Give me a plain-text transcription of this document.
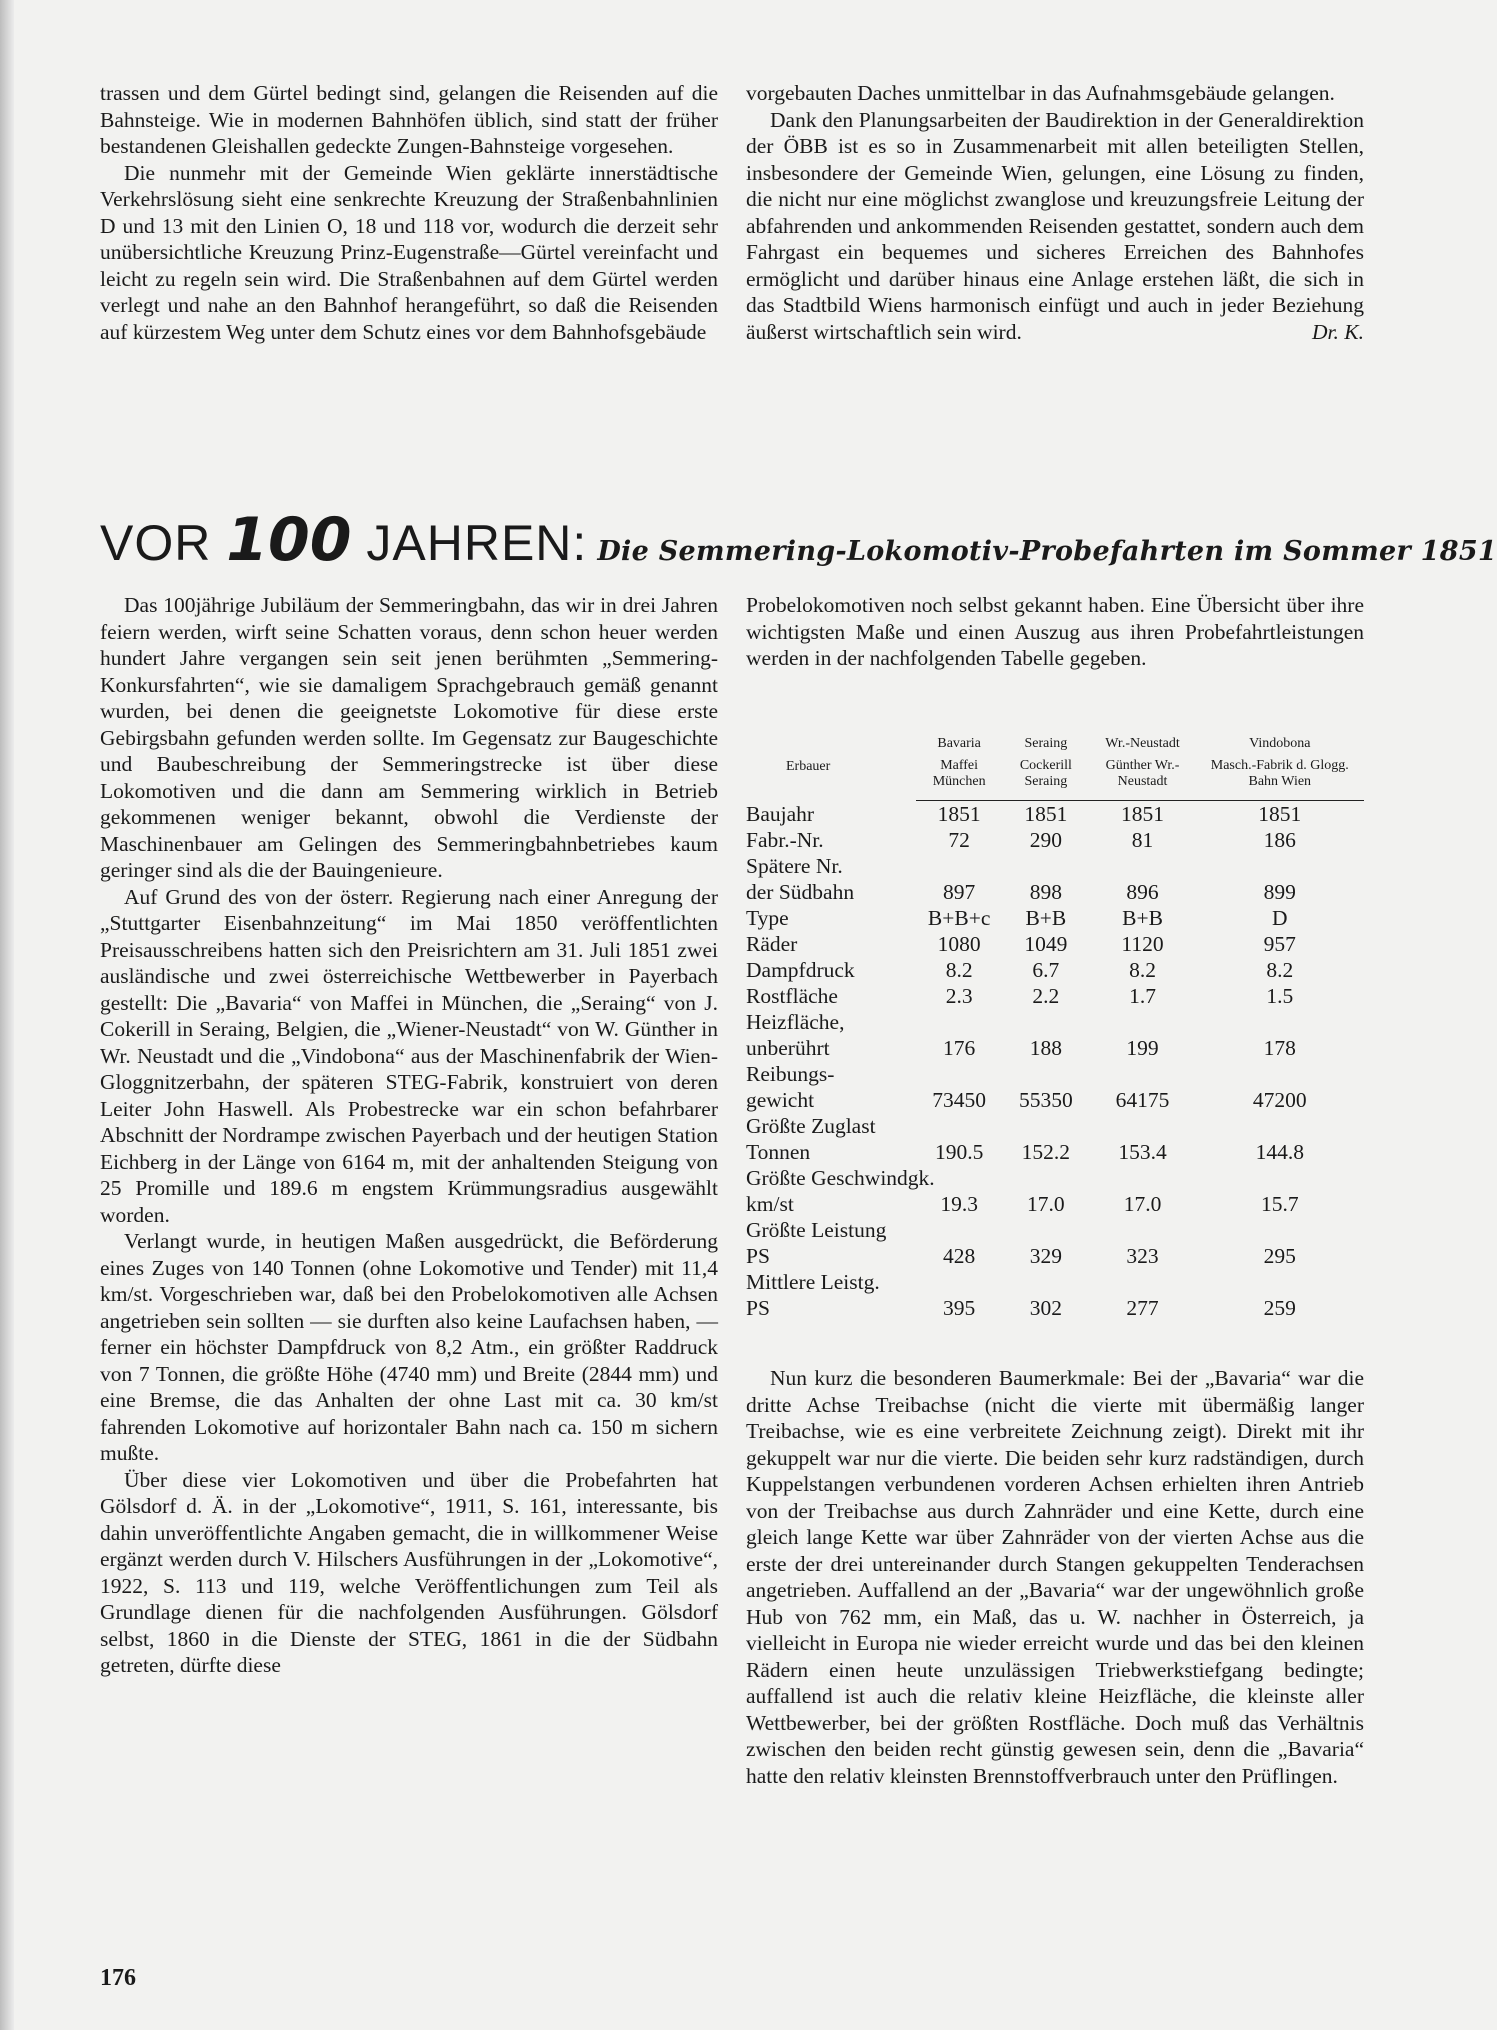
trassen und dem Gürtel bedingt sind, gelangen die Reisenden auf die Bahnsteige. Wie in modernen Bahnhöfen üblich, sind statt der früher bestandenen Gleishallen gedeckte Zungen-Bahnsteige vorgesehen.

Die nunmehr mit der Gemeinde Wien geklärte innerstädtische Verkehrslösung sieht eine senkrechte Kreuzung der Straßenbahnlinien D und 13 mit den Linien O, 18 und 118 vor, wodurch die derzeit sehr unübersichtliche Kreuzung Prinz-Eugenstraße—Gürtel vereinfacht und leicht zu regeln sein wird. Die Straßenbahnen auf dem Gürtel werden verlegt und nahe an den Bahnhof herangeführt, so daß die Reisenden auf kürzestem Weg unter dem Schutz eines vor dem Bahnhofsgebäude

vorgebauten Daches unmittelbar in das Aufnahmsgebäude gelangen.

Dank den Planungsarbeiten der Baudirektion in der Generaldirektion der ÖBB ist es so in Zusammenarbeit mit allen beteiligten Stellen, insbesondere der Gemeinde Wien, gelungen, eine Lösung zu finden, die nicht nur eine möglichst zwanglose und kreuzungsfreie Leitung der abfahrenden und ankommenden Reisenden gestattet, sondern auch dem Fahrgast ein bequemes und sicheres Erreichen des Bahnhofes ermöglicht und darüber hinaus eine Anlage erstehen läßt, die sich in das Stadtbild Wiens harmonisch einfügt und auch in jeder Beziehung äußerst wirtschaftlich sein wird.	Dr. K.

VOR 100 JAHREN: Die Semmering-Lokomotiv-Probefahrten im Sommer 1851

Das 100jährige Jubiläum der Semmeringbahn, das wir in drei Jahren feiern werden, wirft seine Schatten voraus, denn schon heuer werden hundert Jahre vergangen sein seit jenen berühmten „Semmering-Konkursfahrten“, wie sie damaligem Sprachgebrauch gemäß genannt wurden, bei denen die geeignetste Lokomotive für diese erste Gebirgsbahn gefunden werden sollte. Im Gegensatz zur Baugeschichte und Baubeschreibung der Semmeringstrecke ist über diese Lokomotiven und die dann am Semmering wirklich in Betrieb gekommenen weniger bekannt, obwohl die Verdienste der Maschinenbauer am Gelingen des Semmeringbahnbetriebes kaum geringer sind als die der Bauingenieure.

Auf Grund des von der österr. Regierung nach einer Anregung der „Stuttgarter Eisenbahnzeitung“ im Mai 1850 veröffentlichten Preisausschreibens hatten sich den Preisrichtern am 31. Juli 1851 zwei ausländische und zwei österreichische Wettbewerber in Payerbach gestellt: Die „Bavaria“ von Maffei in München, die „Seraing“ von J. Cokerill in Seraing, Belgien, die „Wiener-Neustadt“ von W. Günther in Wr. Neustadt und die „Vindobona“ aus der Maschinenfabrik der Wien-Gloggnitzerbahn, der späteren STEG-Fabrik, konstruiert von deren Leiter John Haswell. Als Probestrecke war ein schon befahrbarer Abschnitt der Nordrampe zwischen Payerbach und der heutigen Station Eichberg in der Länge von 6164 m, mit der anhaltenden Steigung von 25 Promille und 189.6 m engstem Krümmungsradius ausgewählt worden.

Verlangt wurde, in heutigen Maßen ausgedrückt, die Beförderung eines Zuges von 140 Tonnen (ohne Lokomotive und Tender) mit 11,4 km/st. Vorgeschrieben war, daß bei den Probelokomotiven alle Achsen angetrieben sein sollten — sie durften also keine Laufachsen haben, — ferner ein höchster Dampfdruck von 8,2 Atm., ein größter Raddruck von 7 Tonnen, die größte Höhe (4740 mm) und Breite (2844 mm) und eine Bremse, die das Anhalten der ohne Last mit ca. 30 km/st fahrenden Lokomotive auf horizontaler Bahn nach ca. 150 m sichern mußte.

Über diese vier Lokomotiven und über die Probefahrten hat Gölsdorf d. Ä. in der „Lokomotive“, 1911, S. 161, interessante, bis dahin unveröffentlichte Angaben gemacht, die in willkommener Weise ergänzt werden durch V. Hilschers Ausführungen in der „Lokomotive“, 1922, S. 113 und 119, welche Veröffentlichungen zum Teil als Grundlage dienen für die nachfolgenden Ausführungen. Gölsdorf selbst, 1860 in die Dienste der STEG, 1861 in die der Südbahn getreten, dürfte diese

Probelokomotiven noch selbst gekannt haben. Eine Übersicht über ihre wichtigsten Maße und einen Auszug aus ihren Probefahrtleistungen werden in der nachfolgenden Tabelle gegeben.

Erbauer	Bavaria	Seraing	Wr.-Neustadt	Vindobona
	Maffei München	Cockerill Seraing	Günther Wr.-Neustadt	Masch.-Fabrik d. Glogg. Bahn Wien
Baujahr	1851	1851	1851	1851
Fabr.-Nr.	72	290	81	186
Spätere Nr.				
der Südbahn	897	898	896	899
Type	B+B+c	B+B	B+B	D
Räder	1080	1049	1120	957
Dampfdruck	8.2	6.7	8.2	8.2
Rostfläche	2.3	2.2	1.7	1.5
Heizfläche,				
unberührt	176	188	199	178
Reibungs-				
gewicht	73450	55350	64175	47200
Größte Zuglast				
Tonnen	190.5	152.2	153.4	144.8
Größte Geschwindgk.				
km/st	19.3	17.0	17.0	15.7
Größte Leistung				
PS	428	329	323	295
Mittlere Leistg.				
PS	395	302	277	259

Nun kurz die besonderen Baumerkmale: Bei der „Bavaria“ war die dritte Achse Treibachse (nicht die vierte mit übermäßig langer Treibachse, wie es eine verbreitete Zeichnung zeigt). Direkt mit ihr gekuppelt war nur die vierte. Die beiden sehr kurz radständigen, durch Kuppelstangen verbundenen vorderen Achsen erhielten ihren Antrieb von der Treibachse aus durch Zahnräder und eine Kette, durch eine gleich lange Kette war über Zahnräder von der vierten Achse aus die erste der drei untereinander durch Stangen gekuppelten Tenderachsen angetrieben. Auffallend an der „Bavaria“ war der ungewöhnlich große Hub von 762 mm, ein Maß, das u. W. nachher in Österreich, ja vielleicht in Europa nie wieder erreicht wurde und das bei den kleinen Rädern einen heute unzulässigen Triebwerkstiefgang bedingte; auffallend ist auch die relativ kleine Heizfläche, die kleinste aller Wettbewerber, bei der größten Rostfläche. Doch muß das Verhältnis zwischen den beiden recht günstig gewesen sein, denn die „Bavaria“ hatte den relativ kleinsten Brennstoffverbrauch unter den Prüflingen.

176
